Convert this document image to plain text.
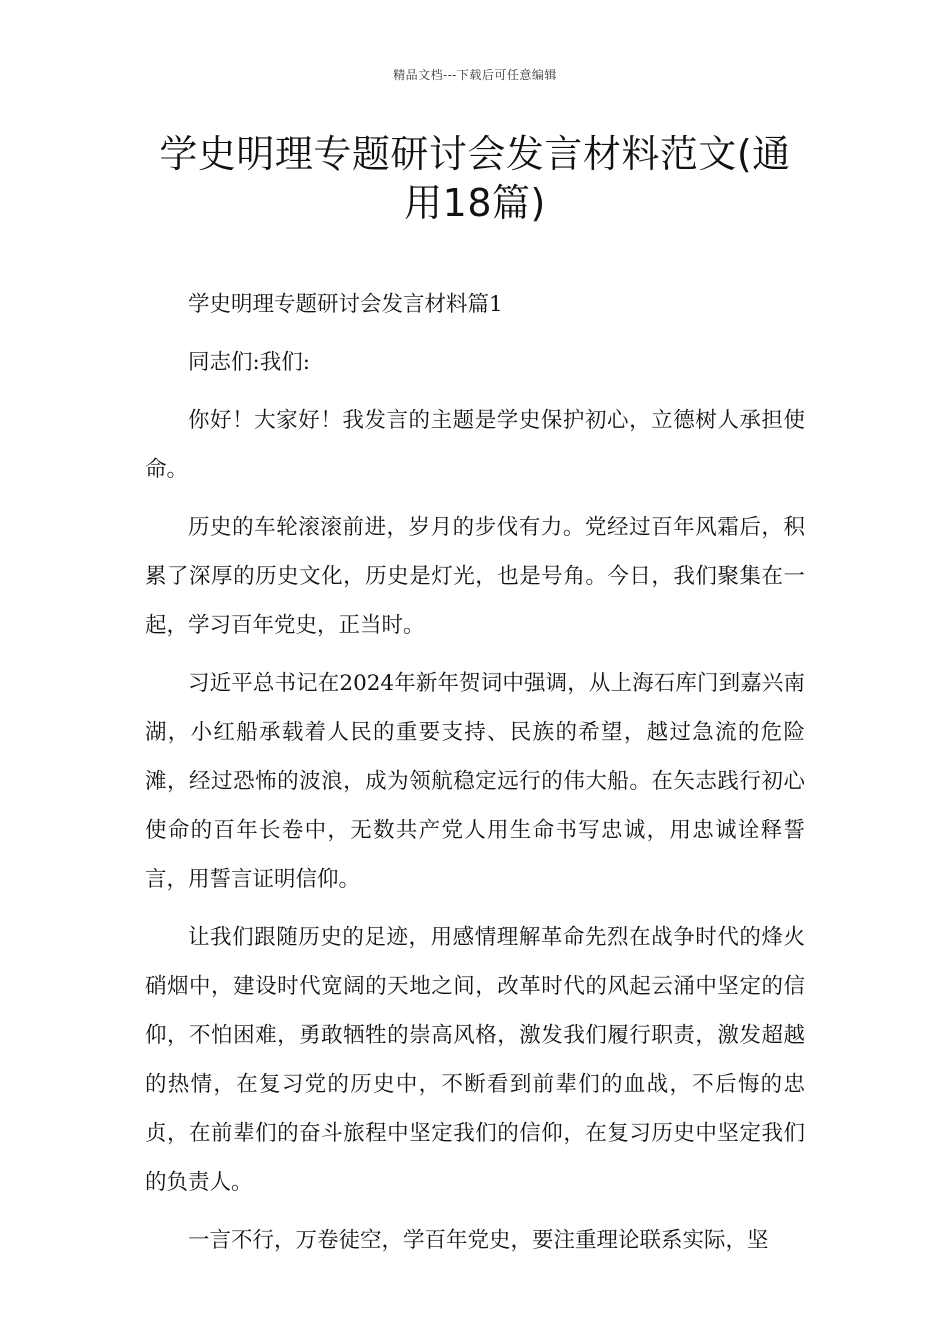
精品文档---下载后可任意编辑
学史明理专题研讨会发言材料范文(通用18篇)

学史明理专题研讨会发言材料篇1

同志们:我们:

你好！大家好！我发言的主题是学史保护初心，立德树人承担使命。

历史的车轮滚滚前进，岁月的步伐有力。党经过百年风霜后，积累了深厚的历史文化，历史是灯光，也是号角。今日，我们聚集在一起，学习百年党史，正当时。

习近平总书记在2024年新年贺词中强调，从上海石库门到嘉兴南湖，小红船承载着人民的重要支持、民族的希望，越过急流的危险滩，经过恐怖的波浪，成为领航稳定远行的伟大船。在矢志践行初心使命的百年长卷中，无数共产党人用生命书写忠诚，用忠诚诠释誓言，用誓言证明信仰。

让我们跟随历史的足迹，用感情理解革命先烈在战争时代的烽火硝烟中，建设时代宽阔的天地之间，改革时代的风起云涌中坚定的信仰，不怕困难，勇敢牺牲的崇高风格，激发我们履行职责，激发超越的热情，在复习党的历史中，不断看到前辈们的血战，不后悔的忠贞，在前辈们的奋斗旅程中坚定我们的信仰，在复习历史中坚定我们的负责人。

一言不行，万卷徒空，学百年党史，要注重理论联系实际，坚
